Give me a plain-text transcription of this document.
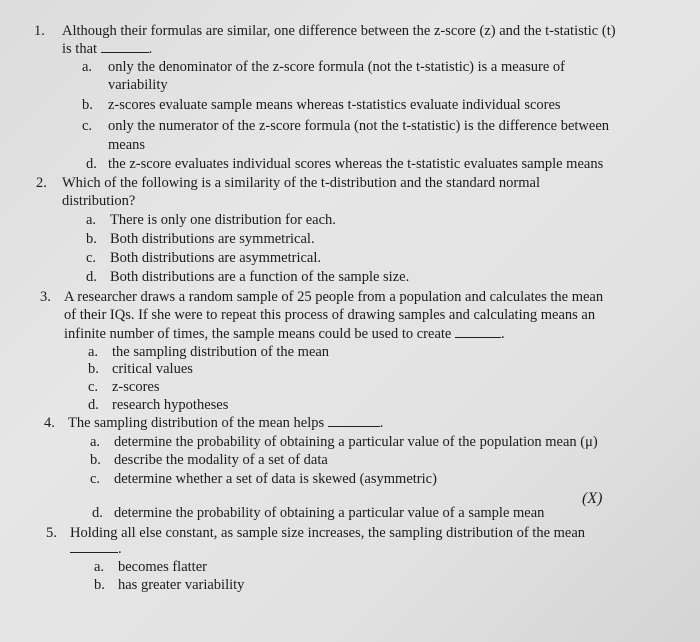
1. Although their formulas are similar, one difference between the z-score (z) and the t-statistic (t)
is that	.
a. only the denominator of the z-score formula (not the t-statistic) is a measure of
variability
b. z-scores evaluate sample means whereas t-statistics evaluate individual scores
c. only the numerator of the z-score formula (not the t-statistic) is the difference between
means
d. the z-score evaluates individual scores whereas the t-statistic evaluates sample means
2. Which of the following is a similarity of the t-distribution and the standard normal
distribution?
a. There is only one distribution for each.
b. Both distributions are symmetrical.
c. Both distributions are asymmetrical.
d. Both distributions are a function of the sample size.
3. A researcher draws a random sample of 25 people from a population and calculates the mean
of their IQs. If she were to repeat this process of drawing samples and calculating means an
infinite number of times, the sample means could be used to create	.
a. the sampling distribution of the mean
b. critical values
c. z-scores
d. research hypotheses
4. The sampling distribution of the mean helps	.
a. determine the probability of obtaining a particular value of the population mean (μ)
b. describe the modality of a set of data
c. determine whether a set of data is skewed (asymmetric)
d. determine the probability of obtaining a particular value of a sample mean
(X)
5. Holding all else constant, as sample size increases, the sampling distribution of the mean
.
a. becomes flatter
b. has greater variability
